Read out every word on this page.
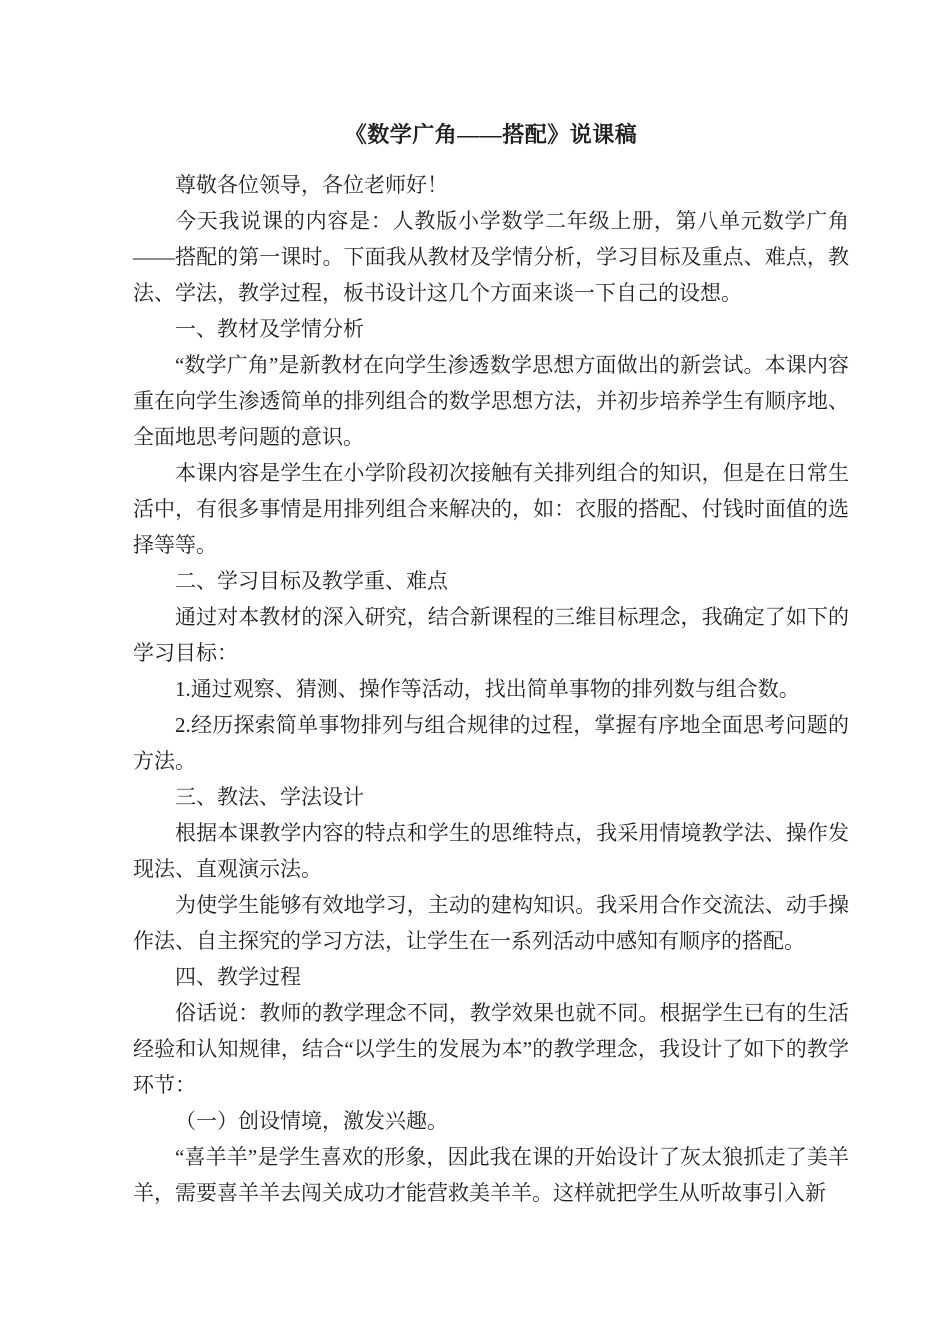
《数学广角——搭配》说课稿

尊敬各位领导，各位老师好！

今天我说课的内容是：人教版小学数学二年级上册，第八单元数学广角——搭配的第一课时。下面我从教材及学情分析，学习目标及重点、难点，教法、学法，教学过程，板书设计这几个方面来谈一下自己的设想。

一、教材及学情分析

“数学广角”是新教材在向学生渗透数学思想方面做出的新尝试。本课内容重在向学生渗透简单的排列组合的数学思想方法，并初步培养学生有顺序地、全面地思考问题的意识。

本课内容是学生在小学阶段初次接触有关排列组合的知识，但是在日常生活中，有很多事情是用排列组合来解决的，如：衣服的搭配、付钱时面值的选择等等。

二、学习目标及教学重、难点

通过对本教材的深入研究，结合新课程的三维目标理念，我确定了如下的学习目标：

1.通过观察、猜测、操作等活动，找出简单事物的排列数与组合数。

2.经历探索简单事物排列与组合规律的过程，掌握有序地全面思考问题的方法。

三、教法、学法设计

根据本课教学内容的特点和学生的思维特点，我采用情境教学法、操作发现法、直观演示法。

为使学生能够有效地学习，主动的建构知识。我采用合作交流法、动手操作法、自主探究的学习方法，让学生在一系列活动中感知有顺序的搭配。

四、教学过程

俗话说：教师的教学理念不同，教学效果也就不同。根据学生已有的生活经验和认知规律，结合“以学生的发展为本”的教学理念，我设计了如下的教学环节：

（一）创设情境，激发兴趣。

“喜羊羊”是学生喜欢的形象，因此我在课的开始设计了灰太狼抓走了美羊羊，需要喜羊羊去闯关成功才能营救美羊羊。这样就把学生从听故事引入新
